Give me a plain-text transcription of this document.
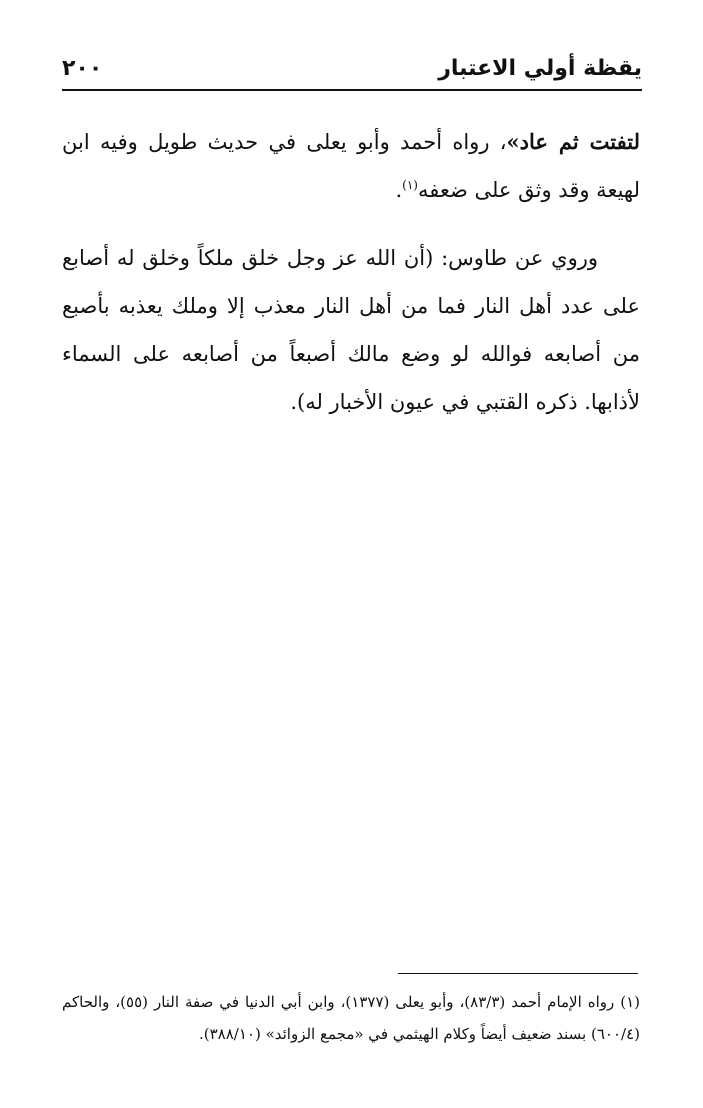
يقظة أولي الاعتبار
٢٠٠

لتفتت ثم عاد»، رواه أحمد وأبو يعلى في حديث طويل وفيه ابن لهيعة وقد وثق على ضعفه$^{(١)}$.

وروي عن طاوس: (أن الله عز وجل خلق ملكاً وخلق له أصابع على عدد أهل النار فما من أهل النار معذب إلا وملك يعذبه بأصبع من أصابعه فوالله لو وضع مالك أصبعاً من أصابعه على السماء لأذابها. ذكره القتبي في عيون الأخبار له).

(١) رواه الإمام أحمد (٨٣/٣)، وأبو يعلى (١٣٧٧)، وابن أبي الدنيا في صفة النار (٥٥)، والحاكم (٦٠٠/٤) بسند ضعيف أيضاً وكلام الهيثمي في «مجمع الزوائد» (٣٨٨/١٠).
